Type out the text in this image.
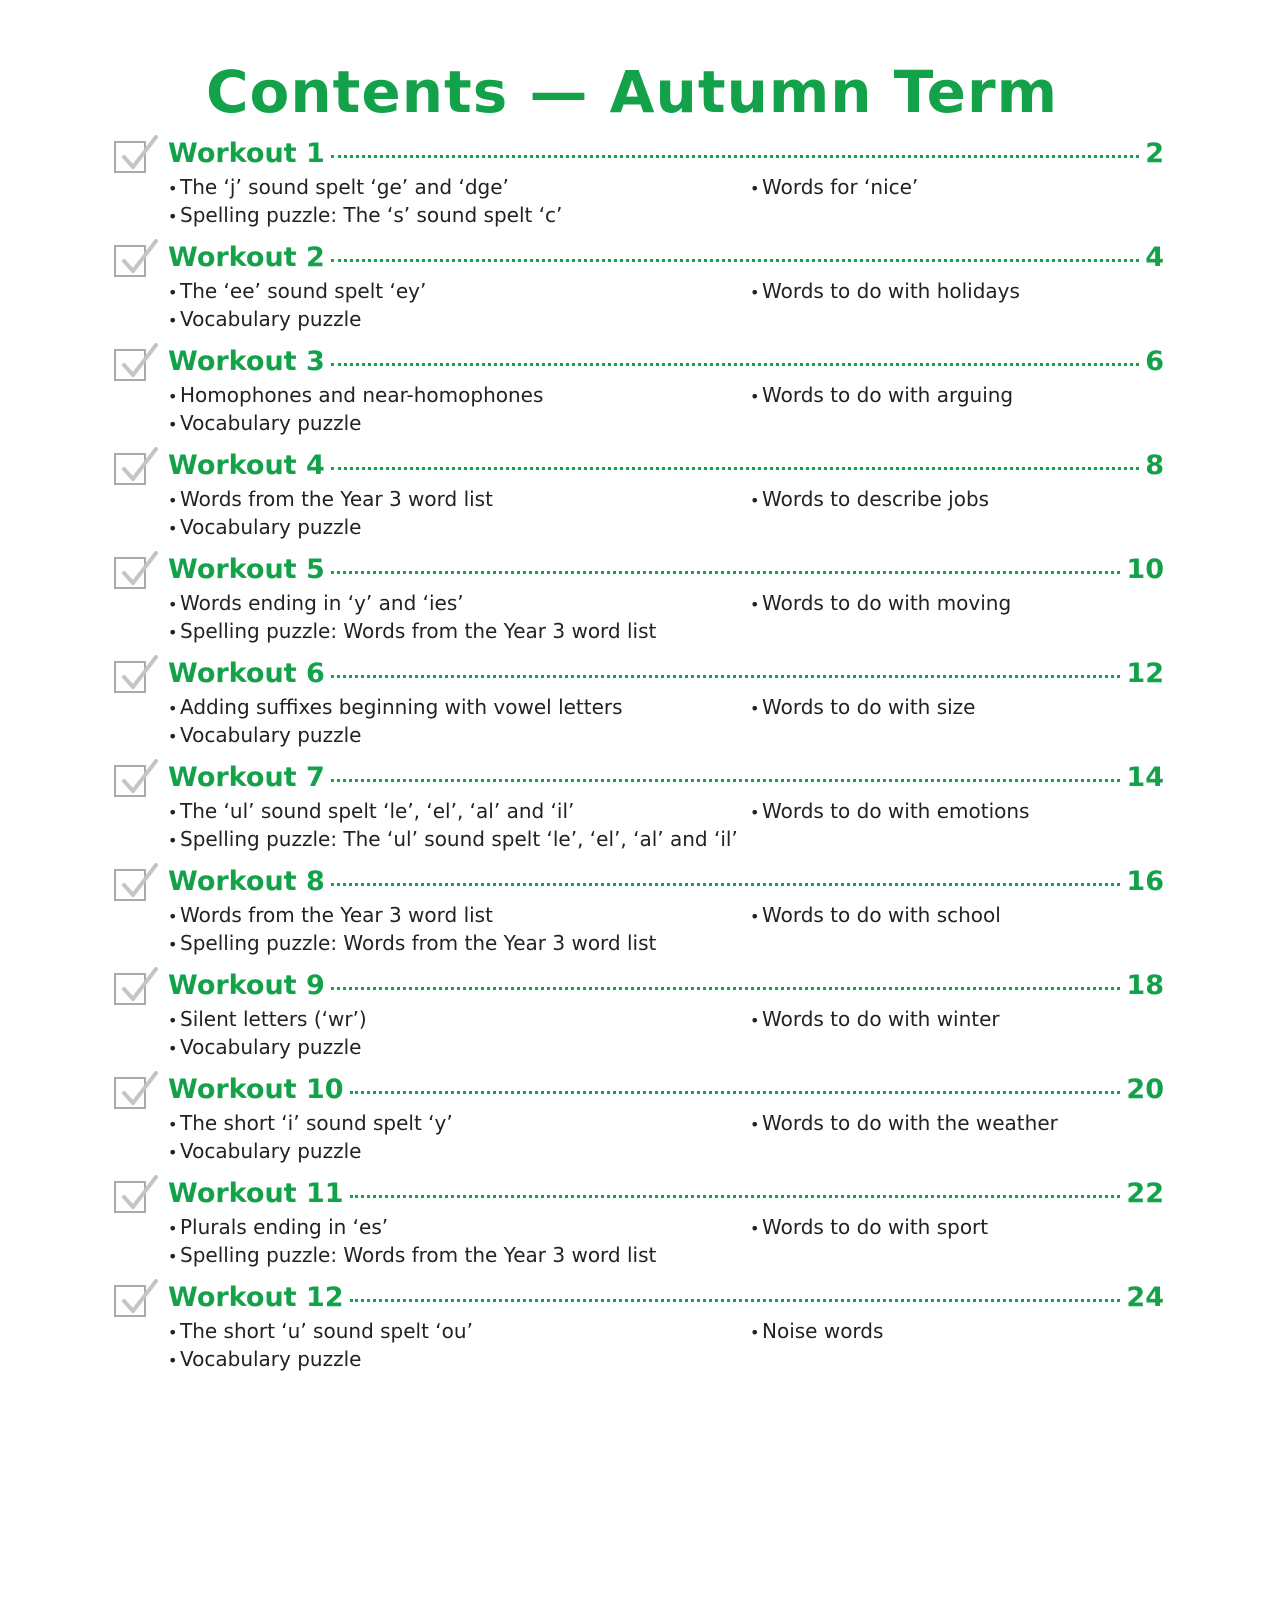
Contents — Autumn Term
Workout 1	2
• The ‘j’ sound spelt ‘ge’ and ‘dge’
• Spelling puzzle: The ‘s’ sound spelt ‘c’
• Words for ‘nice’
Workout 2	4
• The ‘ee’ sound spelt ‘ey’
• Vocabulary puzzle
• Words to do with holidays
Workout 3	6
• Homophones and near-homophones
• Vocabulary puzzle
• Words to do with arguing
Workout 4	8
• Words from the Year 3 word list
• Vocabulary puzzle
• Words to describe jobs
Workout 5	10
• Words ending in ‘y’ and ‘ies’
• Spelling puzzle: Words from the Year 3 word list
• Words to do with moving
Workout 6	12
• Adding suffixes beginning with vowel letters
• Vocabulary puzzle
• Words to do with size
Workout 7	14
• The ‘ul’ sound spelt ‘le’, ‘el’, ‘al’ and ‘il’
• Spelling puzzle: The ‘ul’ sound spelt ‘le’, ‘el’, ‘al’ and ‘il’
• Words to do with emotions
Workout 8	16
• Words from the Year 3 word list
• Spelling puzzle: Words from the Year 3 word list
• Words to do with school
Workout 9	18
• Silent letters (‘wr’)
• Vocabulary puzzle
• Words to do with winter
Workout 10	20
• The short ‘i’ sound spelt ‘y’
• Vocabulary puzzle
• Words to do with the weather
Workout 11	22
• Plurals ending in ‘es’
• Spelling puzzle: Words from the Year 3 word list
• Words to do with sport
Workout 12	24
• The short ‘u’ sound spelt ‘ou’
• Vocabulary puzzle
• Noise words
